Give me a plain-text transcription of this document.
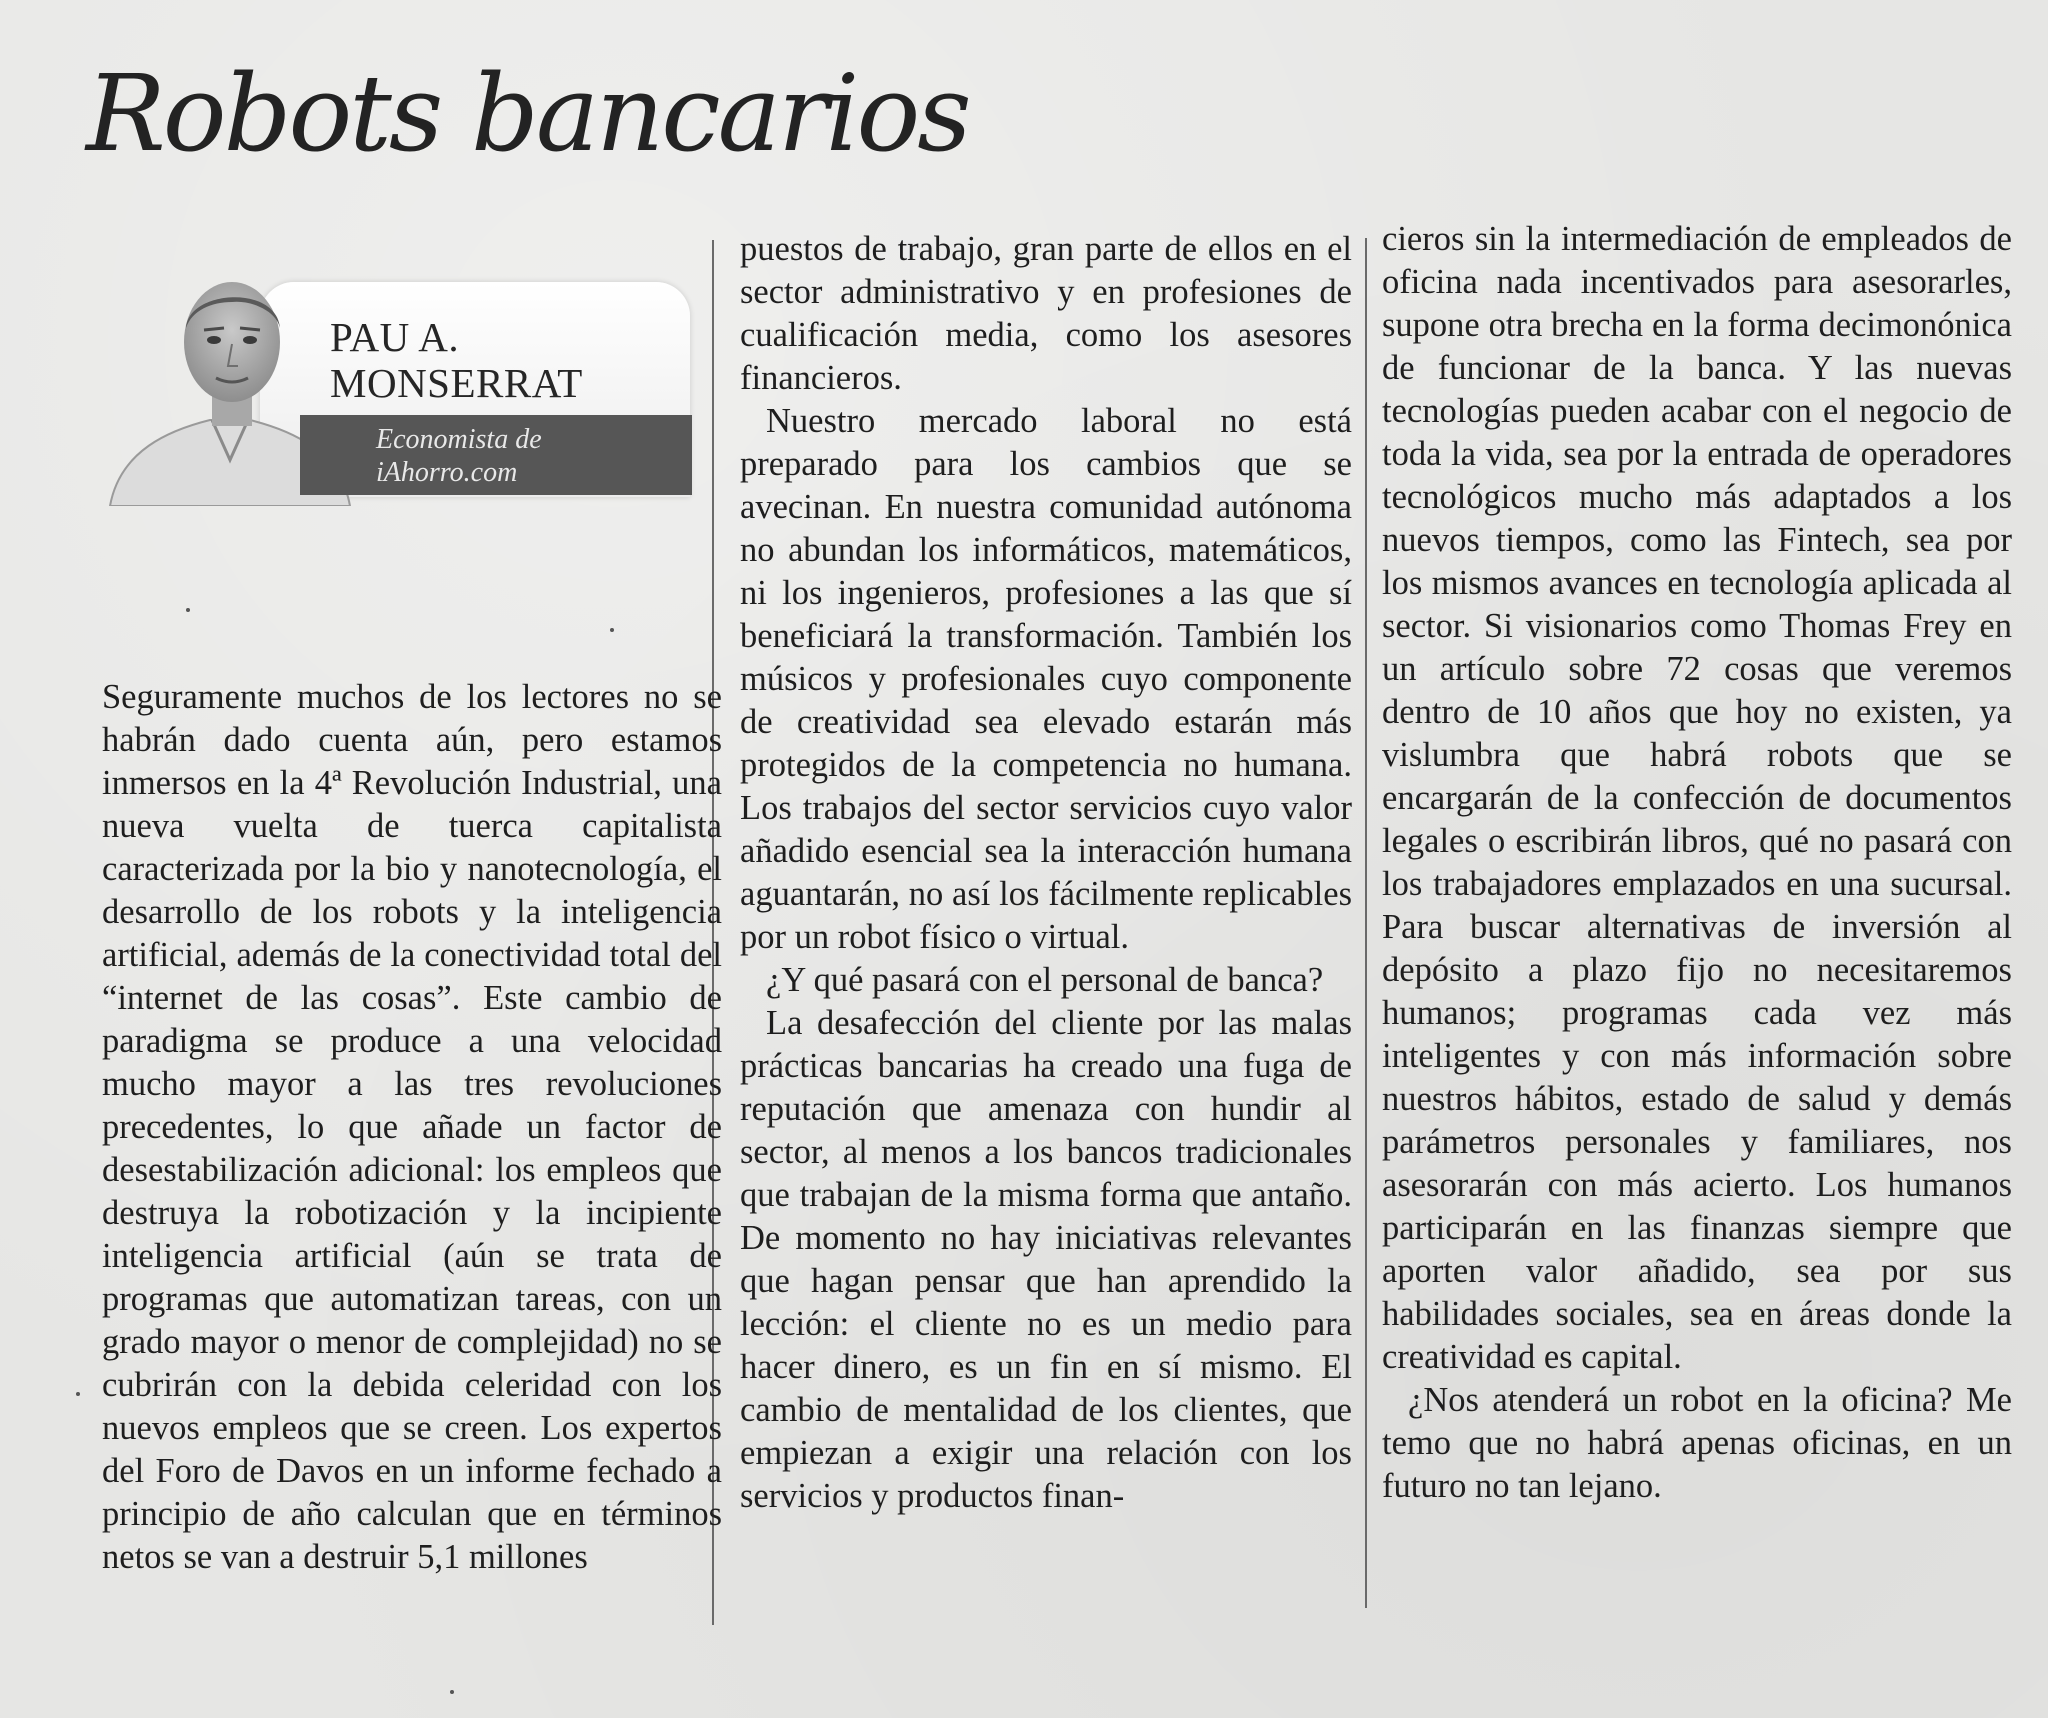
Robots bancarios
PAU A.
MONSERRAT
Economista de
iAhorro.com

Seguramente muchos de los lectores no se habrán dado cuenta aún, pero estamos inmersos en la 4ª Revolución Industrial, una nueva vuelta de tuerca capitalista caracterizada por la bio y nanotecnología, el desarrollo de los robots y la inteligencia artificial, además de la conectividad total del “internet de las cosas”. Este cambio de paradigma se produce a una velocidad mucho mayor a las tres revoluciones precedentes, lo que añade un factor de desestabilización adicional: los empleos que destruya la robotización y la incipiente inteligencia artificial (aún se trata de programas que automatizan tareas, con un grado mayor o menor de complejidad) no se cubrirán con la debida celeridad con los nuevos empleos que se creen. Los expertos del Foro de Davos en un informe fechado a principio de año calculan que en términos netos se van a destruir 5,1 millones

puestos de trabajo, gran parte de ellos en el sector administrativo y en profesiones de cualificación media, como los asesores financieros.

Nuestro mercado laboral no está preparado para los cambios que se avecinan. En nuestra comunidad autónoma no abundan los informáticos, matemáticos, ni los ingenieros, profesiones a las que sí beneficiará la transformación. También los músicos y profesionales cuyo componente de creatividad sea elevado estarán más protegidos de la competencia no humana. Los trabajos del sector servicios cuyo valor añadido esencial sea la interacción humana aguantarán, no así los fácilmente replicables por un robot físico o virtual.

¿Y qué pasará con el personal de banca?

La desafección del cliente por las malas prácticas bancarias ha creado una fuga de reputación que amenaza con hundir al sector, al menos a los bancos tradicionales que trabajan de la misma forma que antaño. De momento no hay iniciativas relevantes que hagan pensar que han aprendido la lección: el cliente no es un medio para hacer dinero, es un fin en sí mismo. El cambio de mentalidad de los clientes, que empiezan a exigir una relación con los servicios y productos finan-

cieros sin la intermediación de empleados de oficina nada incentivados para asesorarles, supone otra brecha en la forma decimonónica de funcionar de la banca. Y las nuevas tecnologías pueden acabar con el negocio de toda la vida, sea por la entrada de operadores tecnológicos mucho más adaptados a los nuevos tiempos, como las Fintech, sea por los mismos avances en tecnología aplicada al sector. Si visionarios como Thomas Frey en un artículo sobre 72 cosas que veremos dentro de 10 años que hoy no existen, ya vislumbra que habrá robots que se encargarán de la confección de documentos legales o escribirán libros, qué no pasará con los trabajadores emplazados en una sucursal. Para buscar alternativas de inversión al depósito a plazo fijo no necesitaremos humanos; programas cada vez más inteligentes y con más información sobre nuestros hábitos, estado de salud y demás parámetros personales y familiares, nos asesorarán con más acierto. Los humanos participarán en las finanzas siempre que aporten valor añadido, sea por sus habilidades sociales, sea en áreas donde la creatividad es capital.

¿Nos atenderá un robot en la oficina? Me temo que no habrá apenas oficinas, en un futuro no tan lejano.
